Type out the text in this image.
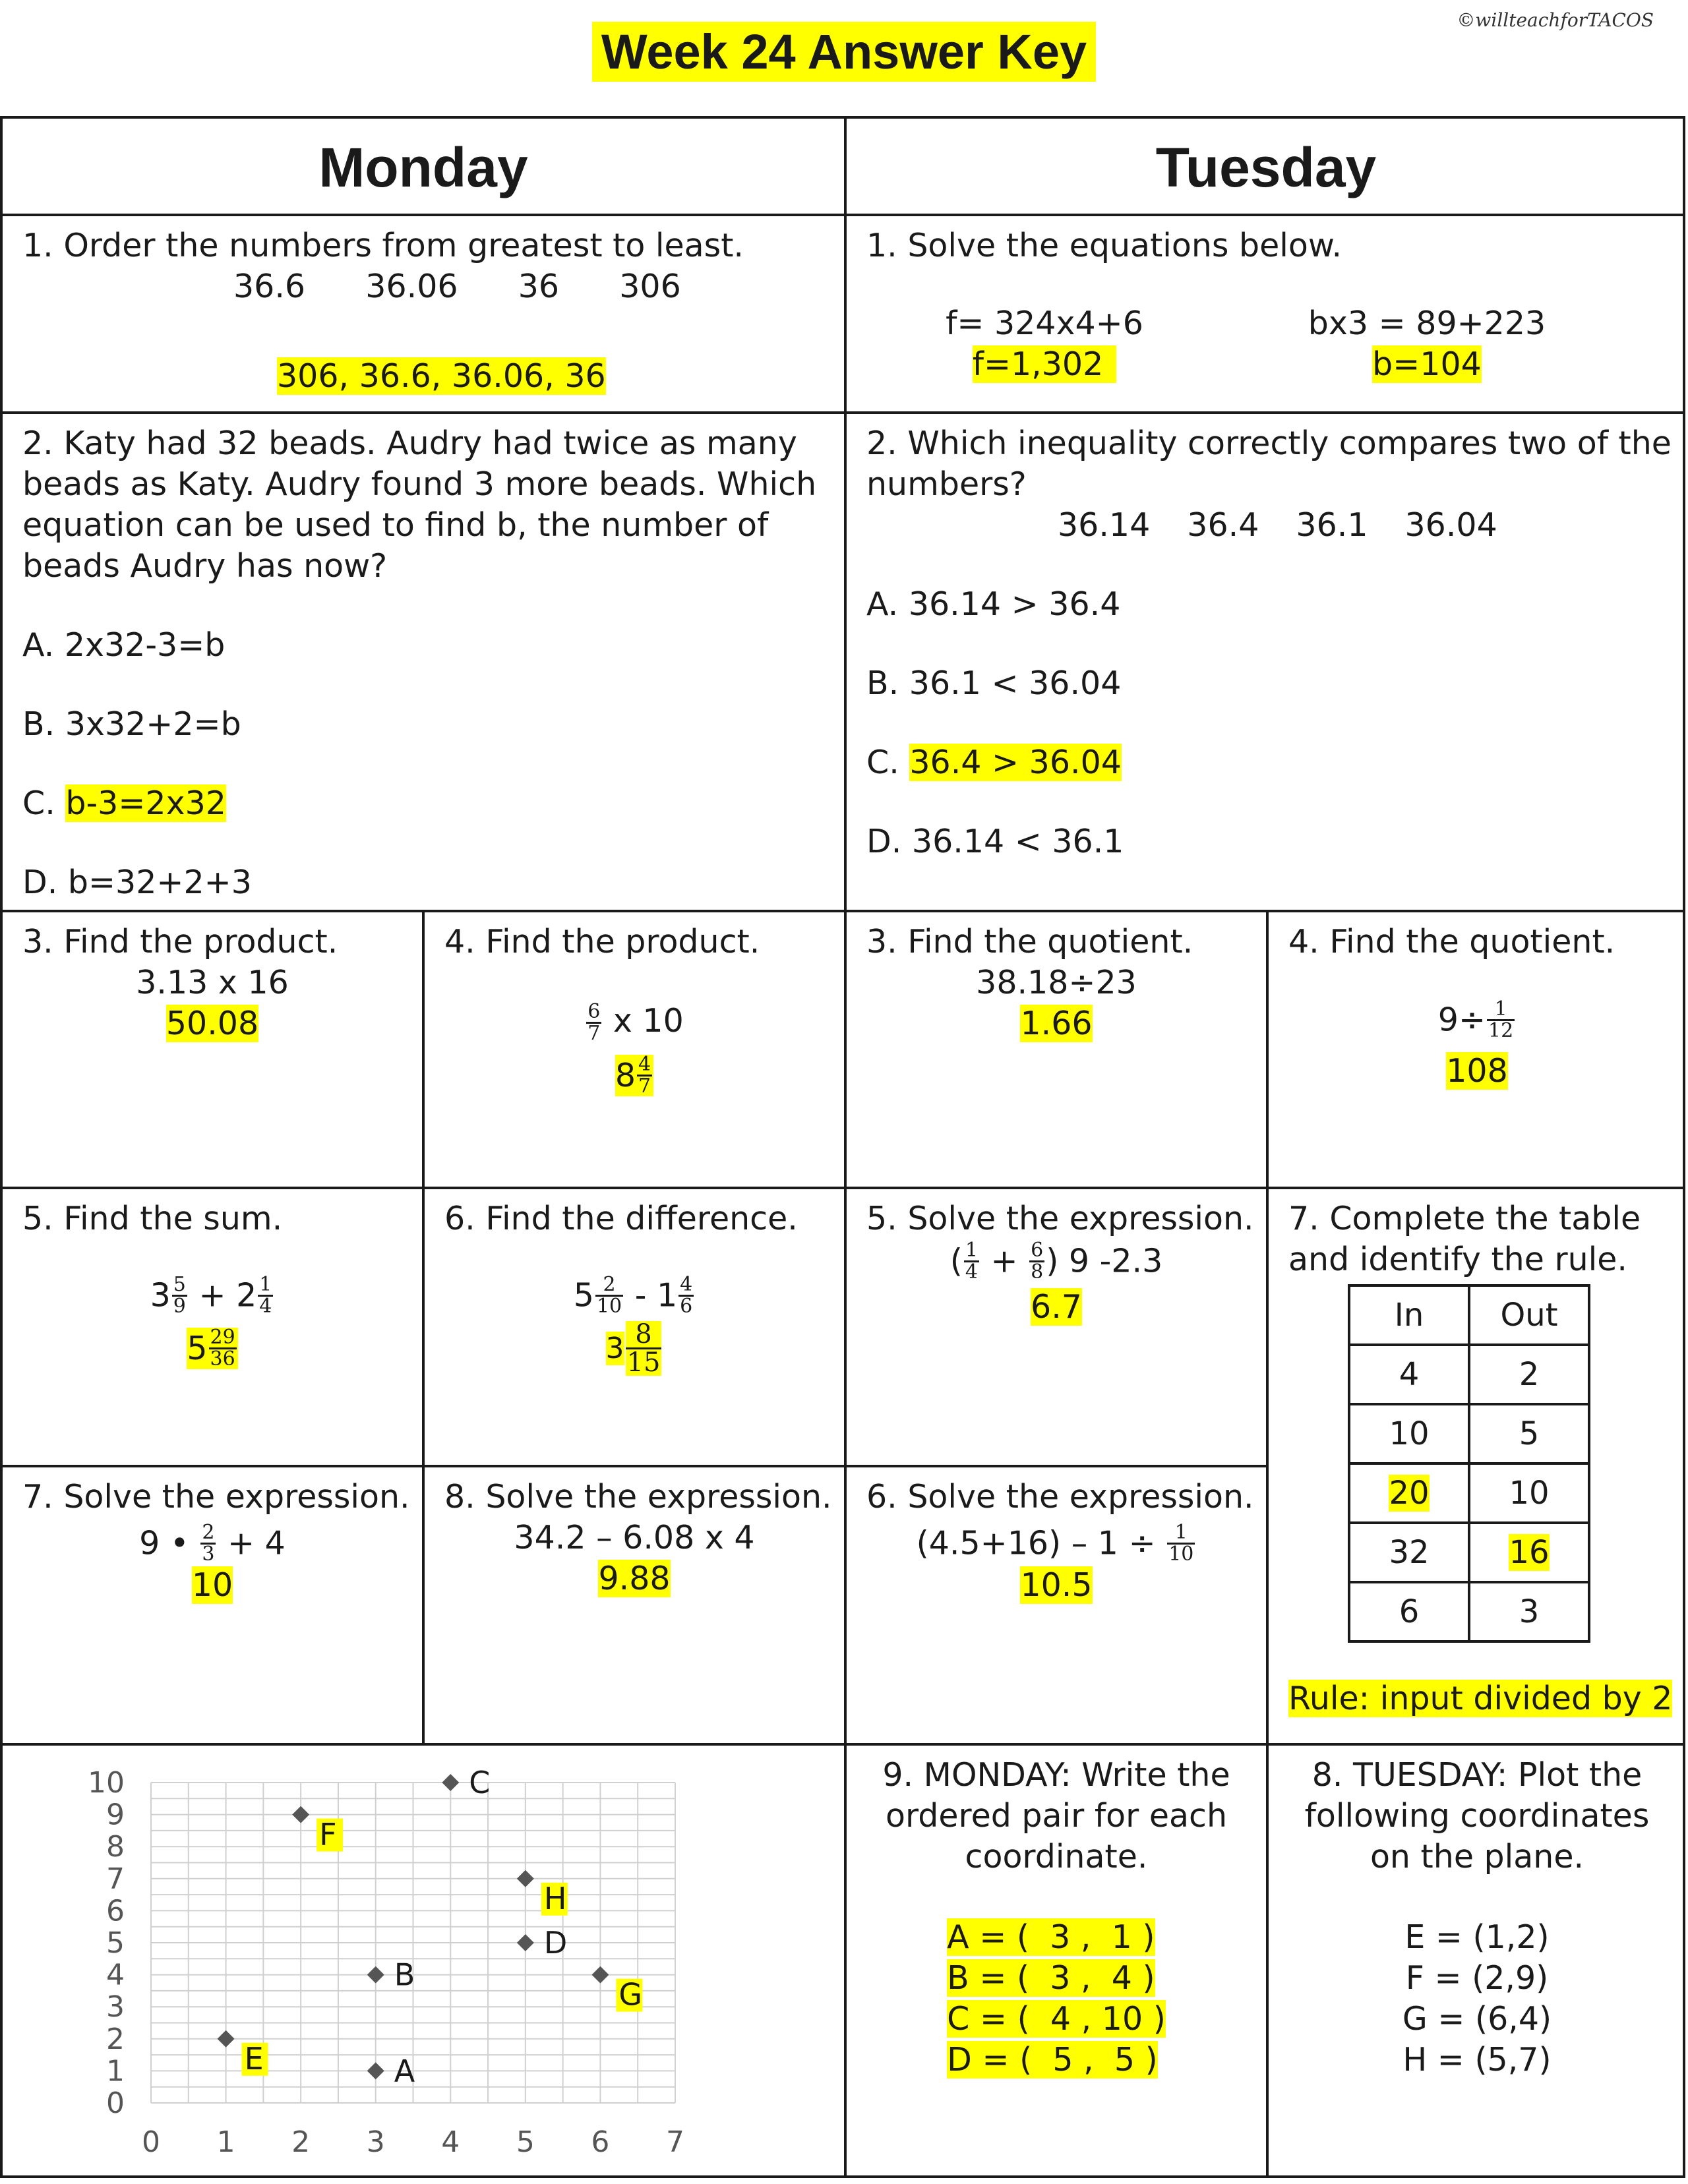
©willteachforTACOS
Week 24 Answer Key
Monday	Tuesday
1. Order the numbers from greatest to least.
36.6 36.06 36 306
306, 36.6, 36.06, 36
1. Solve the equations below.
f= 324x4+6
f=1,302
bx3 = 89+223
b=104
2. Katy had 32 beads. Audry had twice as many beads as Katy. Audry found 3 more beads. Which equation can be used to find b, the number of beads Audry has now?
A. 2x32-3=b
B. 3x32+2=b
C. b-3=2x32
D. b=32+2+3
2. Which inequality correctly compares two of the numbers?
36.14 36.4 36.1 36.04
A. 36.14 > 36.4
B. 36.1 < 36.04
C. 36.4 > 36.04
D. 36.14 < 36.1
3. Find the product.
3.13 x 16
50.08
4. Find the product.
$\frac{6}{7}$ x 10
$8 \frac{4}{7}$
3. Find the quotient.
38.18÷23
1.66
4. Find the quotient.
$9\div \frac{1}{12}$
108
5. Find the sum.
$3 \frac{5}{9} + 2 \frac{1}{4}$
$5 \frac{29}{36}$
6. Find the difference.
$5 \frac{2}{10} - 1 \frac{4}{6}$
$3 \frac{8}{15}$
5. Solve the expression.
( $\frac{1}{4} + \frac{6}{8}$ ) 9 -2.3
6.7
7. Complete the table and identify the rule.
In	Out
4	2
10	5
20	10
32	16
6	3
Rule: input divided by 2
7. Solve the expression.
9 • $\frac{2}{3} + 4$
10
8. Solve the expression.
34.2 – 6.08 x 4
9.88
6. Solve the expression.
$(4.5+16) - 1 \div \frac{1}{10}$
10.5
0 1 2 3 4 5 6 7
0
1
2
3
4
5
6
7
8
9
10
A
B
C
D
E
F
G
H
9. MONDAY: Write the ordered pair for each coordinate.
A = (  3 ,  1 )
B = (  3 ,  4 )
C = (  4 , 10 )
D = (  5 ,  5 )
8. TUESDAY: Plot the following coordinates on the plane.
E = (1,2)
F = (2,9)
G = (6,4)
H = (5,7)
